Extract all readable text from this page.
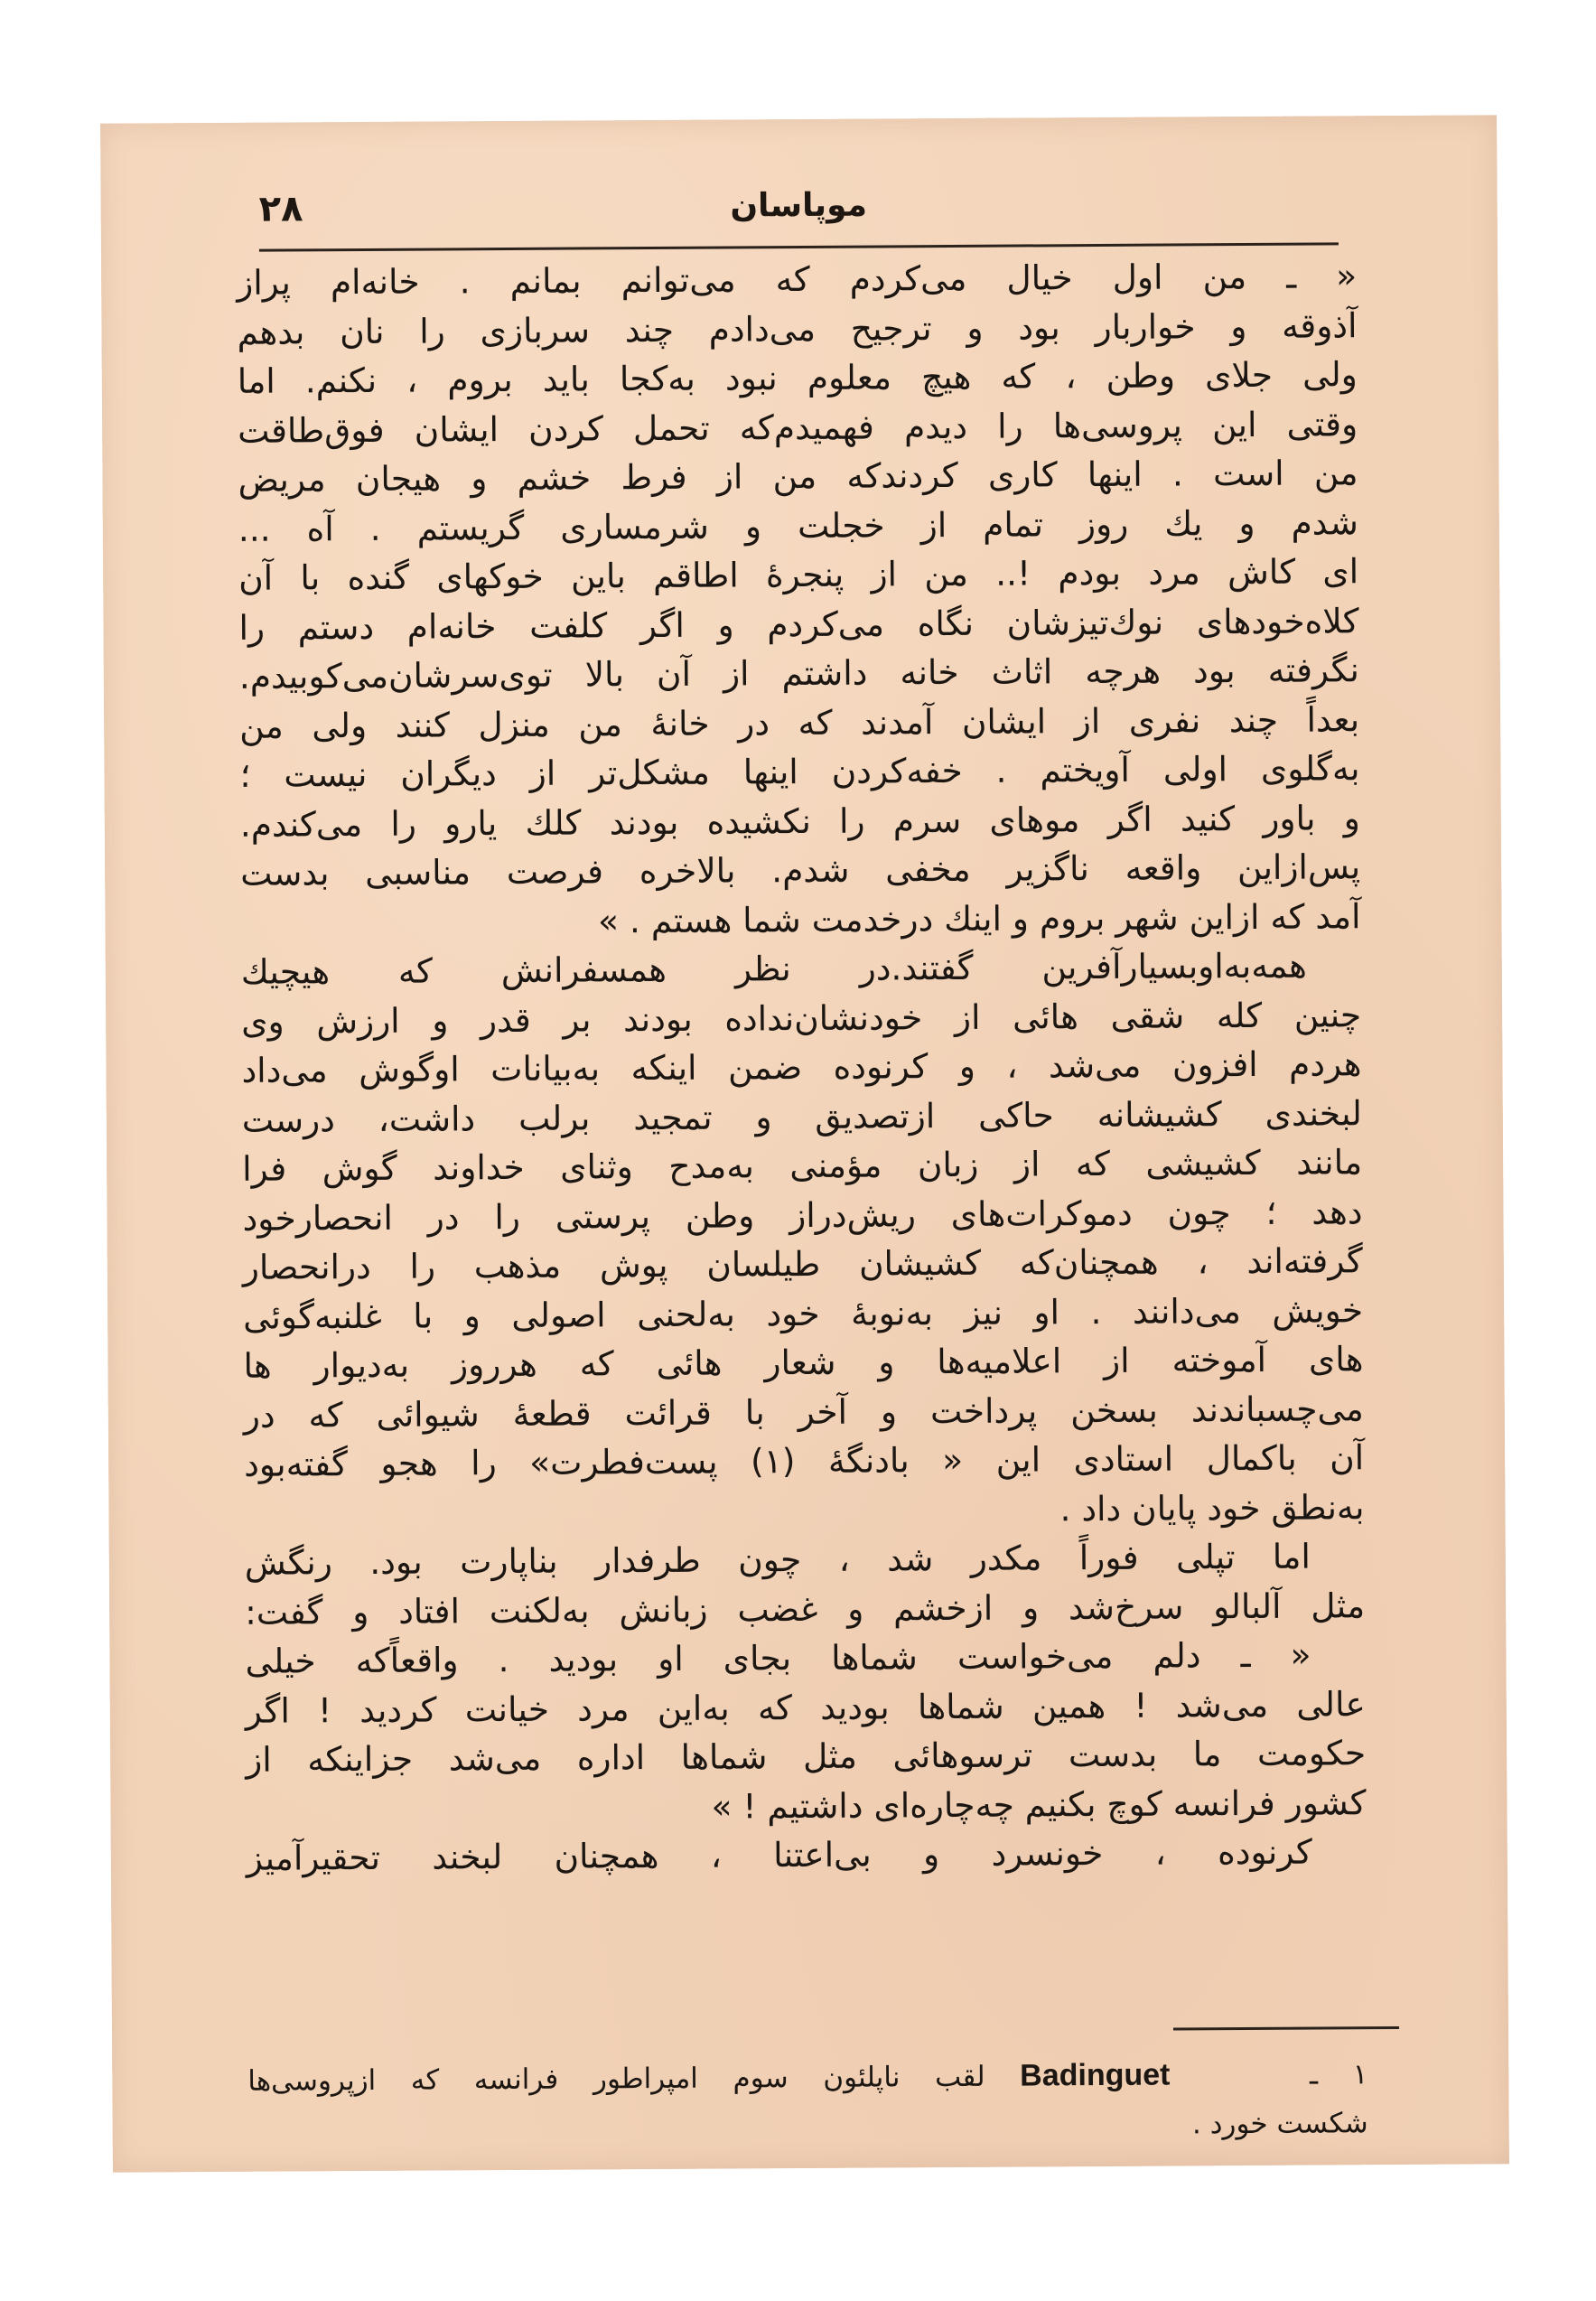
۲۸	موپاسان
« ـ من اول خیال می‌کردم که می‌توانم بمانم . خانه‌ام پراز
آذوقه و خواربار بود و ترجیح می‌دادم چند سربازی را نان بدهم
ولی جلای وطن ، که هیچ معلوم نبود به‌کجا باید بروم ، نکنم. اما
وقتی این پروسی‌ها را دیدم فهمیدم‌که تحمل کردن ایشان فوق‌طاقت
من است . اینها کاری کردندکه من از فرط خشم و هیجان مریض
شدم و یك روز تمام از خجلت و شرمساری گریستم . آه ...
ای کاش مرد بودم !.. من از پنجرهٔ اطاقم باین خوکهای گنده با آن
کلاه‌خودهای نوك‌تیزشان نگاه می‌کردم و اگر کلفت خانه‌ام دستم را
نگرفته بود هرچه اثاث خانه داشتم از آن بالا توی‌سرشان‌می‌کوبیدم.
بعداً چند نفری از ایشان آمدند که در خانهٔ من منزل کنند ولی من
به‌گلوی اولی آویختم . خفه‌کردن اینها مشکل‌تر از دیگران نیست ؛
و باور کنید اگر موهای سرم را نکشیده بودند کلك یارو را می‌کندم.
پس‌ازاین واقعه ناگزیر مخفی شدم. بالاخره فرصت مناسبی بدست
آمد که ازاین شهر بروم و اینك درخدمت شما هستم . »
همه‌به‌اوبسیارآفرین گفتند.در نظر همسفرانش که هیچیك
چنین کله شقی هائی از خودنشان‌نداده بودند بر قدر و ارزش وی
هردم افزون می‌شد ، و کرنوده ضمن اینکه به‌بیانات اوگوش می‌داد
لبخندی کشیشانه حاکی ازتصدیق و تمجید برلب داشت، درست
مانند کشیشی که از زبان مؤمنی به‌مدح وثنای خداوند گوش فرا
دهد ؛ چون دموکرات‌های ریش‌دراز وطن پرستی را در انحصارخود
گرفته‌اند ، همچنان‌که کشیشان طیلسان پوش مذهب را درانحصار
خویش می‌دانند . او نیز به‌نوبهٔ خود به‌لحنی اصولی و با غلنبه‌گوئی
های آموخته از اعلامیه‌ها و شعار هائی که هرروز به‌دیوار ها
می‌چسباندند بسخن پرداخت و آخر با قرائت قطعهٔ شیوائی که در
آن باکمال استادی این « بادنگهٔ (۱) پست‌فطرت» را هجو گفته‌بود
به‌نطق خود پایان داد .
اما تپلی فوراً مکدر شد ، چون طرفدار بناپارت بود. رنگش
مثل آلبالو سرخ‌شد و ازخشم و غضب زبانش به‌لکنت افتاد و گفت:
« ـ دلم می‌خواست شماها بجای او بودید . واقعاًکه خیلی
عالی می‌شد ! همین شماها بودید که به‌این مرد خیانت کردید ! اگر
حکومت ما بدست ترسوهائی مثل شماها اداره می‌شد جزاینکه از
کشور فرانسه کوچ بکنیم چه‌چاره‌ای داشتیم ! »
کرنوده ، خونسرد و بی‌اعتنا ، همچنان لبخند تحقیرآمیز
۱ ـ    Badinguet لقب ناپلئون سوم امپراطور فرانسه که ازپروسی‌ها
شکست خورد .
